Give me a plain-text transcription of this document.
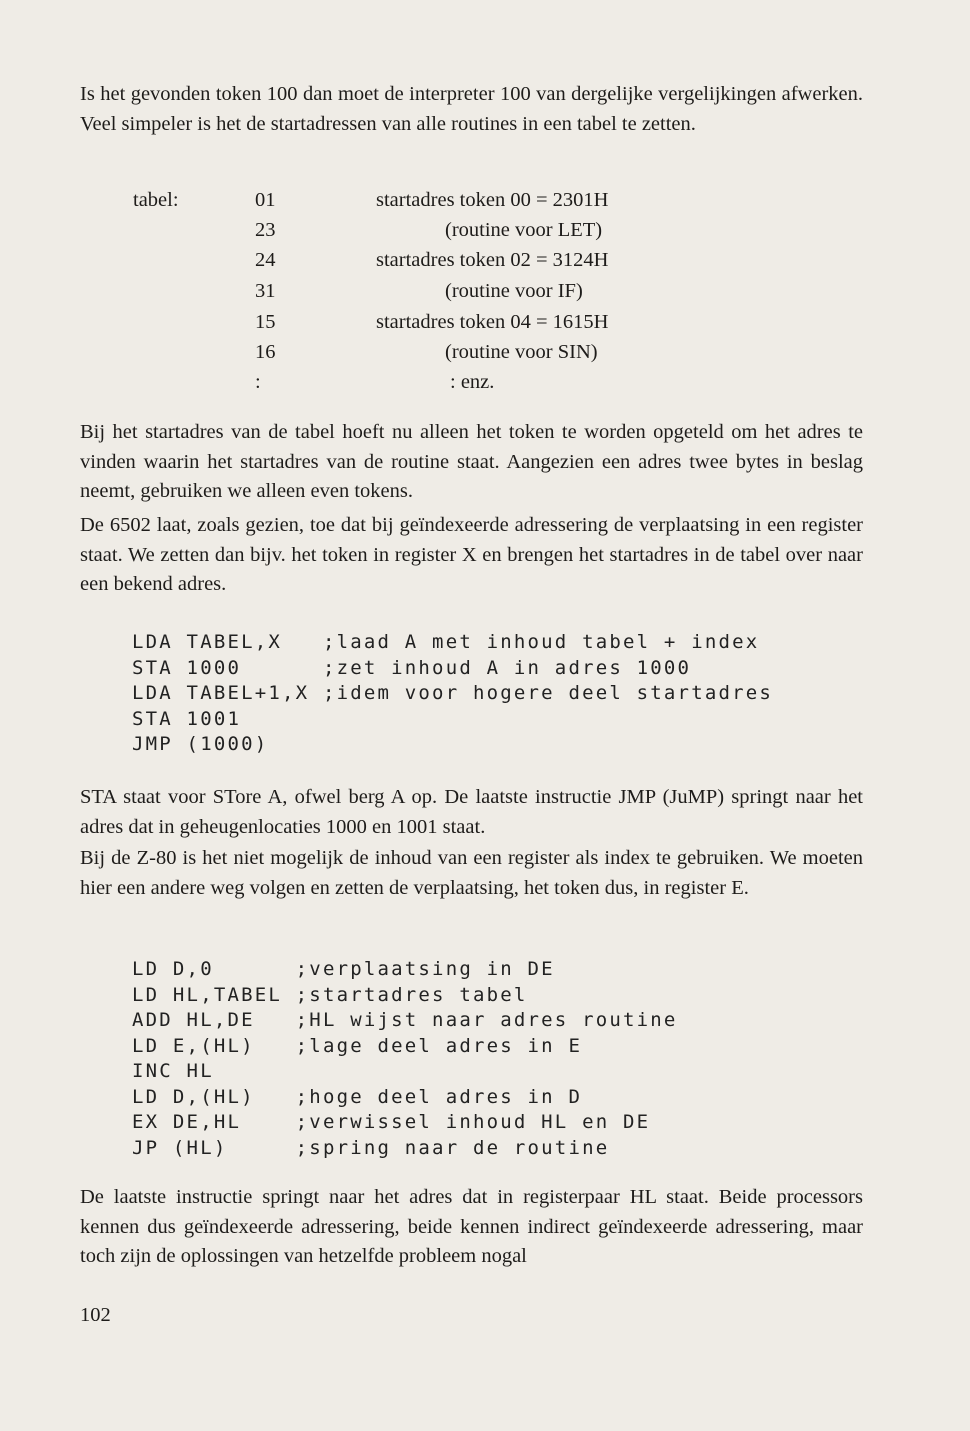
Is het gevonden token 100 dan moet de interpreter 100 van dergelijke vergelijkingen afwerken. Veel simpeler is het de startadressen van alle routines in een tabel te zetten.

tabel:	01	startadres token 00 = 2301H
23	(routine voor LET)
24	startadres token 02 = 3124H
31	(routine voor IF)
15	startadres token 04 = 1615H
16	(routine voor SIN)
:	: enz.

Bij het startadres van de tabel hoeft nu alleen het token te worden opgeteld om het adres te vinden waarin het startadres van de routine staat. Aangezien een adres twee bytes in beslag neemt, gebruiken we alleen even tokens.

De 6502 laat, zoals gezien, toe dat bij geïndexeerde adressering de verplaatsing in een register staat. We zetten dan bijv. het token in register X en brengen het startadres in de tabel over naar een bekend adres.

LDA TABEL,X   ;laad A met inhoud tabel + index
STA 1000      ;zet inhoud A in adres 1000
LDA TABEL+1,X ;idem voor hogere deel startadres
STA 1001
JMP (1000)

STA staat voor STore A, ofwel berg A op. De laatste instructie JMP (JuMP) springt naar het adres dat in geheugenlocaties 1000 en 1001 staat.

Bij de Z-80 is het niet mogelijk de inhoud van een register als index te gebruiken. We moeten hier een andere weg volgen en zetten de verplaatsing, het token dus, in register E.

LD D,0      ;verplaatsing in DE
LD HL,TABEL ;startadres tabel
ADD HL,DE   ;HL wijst naar adres routine
LD E,(HL)   ;lage deel adres in E
INC HL
LD D,(HL)   ;hoge deel adres in D
EX DE,HL    ;verwissel inhoud HL en DE
JP (HL)     ;spring naar de routine

De laatste instructie springt naar het adres dat in registerpaar HL staat. Beide processors kennen dus geïndexeerde adressering, beide kennen indirect geïndexeerde adressering, maar toch zijn de oplossingen van hetzelfde probleem nogal

102
